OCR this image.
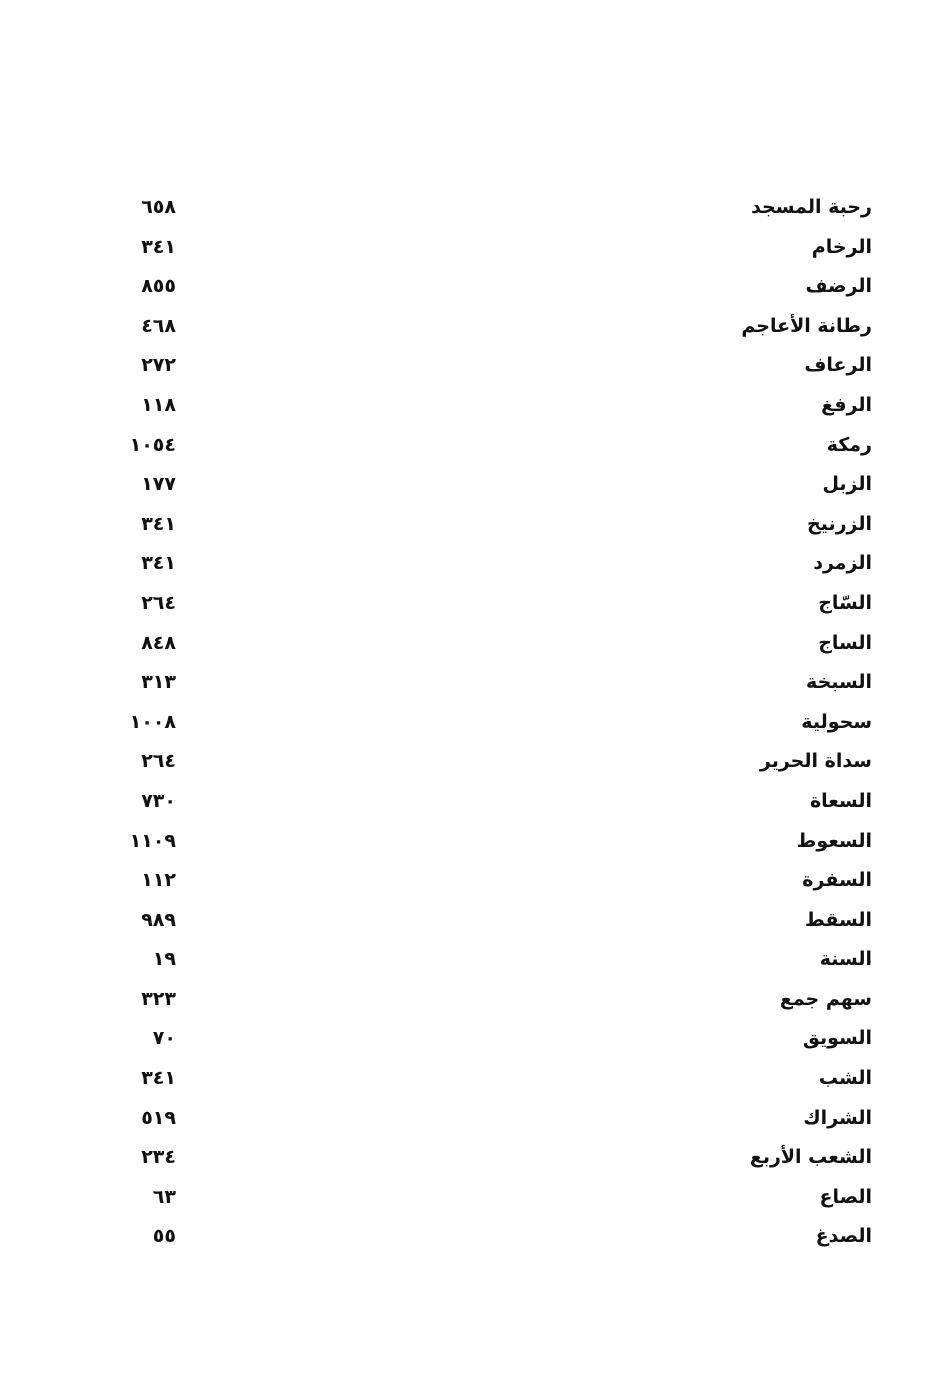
رحبة المسجد
٦٥٨
الرخام
٣٤١
الرضف
٨٥٥
رطانة الأعاجم
٤٦٨
الرعاف
٢٧٢
الرفغ
١١٨
رمكة
١٠٥٤
الزبل
١٧٧
الزرنيخ
٣٤١
الزمرد
٣٤١
السّاج
٢٦٤
الساج
٨٤٨
السبخة
٣١٣
سحولية
١٠٠٨
سداة الحرير
٢٦٤
السعاة
٧٣٠
السعوط
١١٠٩
السفرة
١١٢
السقط
٩٨٩
السنة
١٩
سهم جمع
٣٢٣
السويق
٧٠
الشب
٣٤١
الشراك
٥١٩
الشعب الأربع
٢٣٤
الصاع
٦٣
الصدغ
٥٥
